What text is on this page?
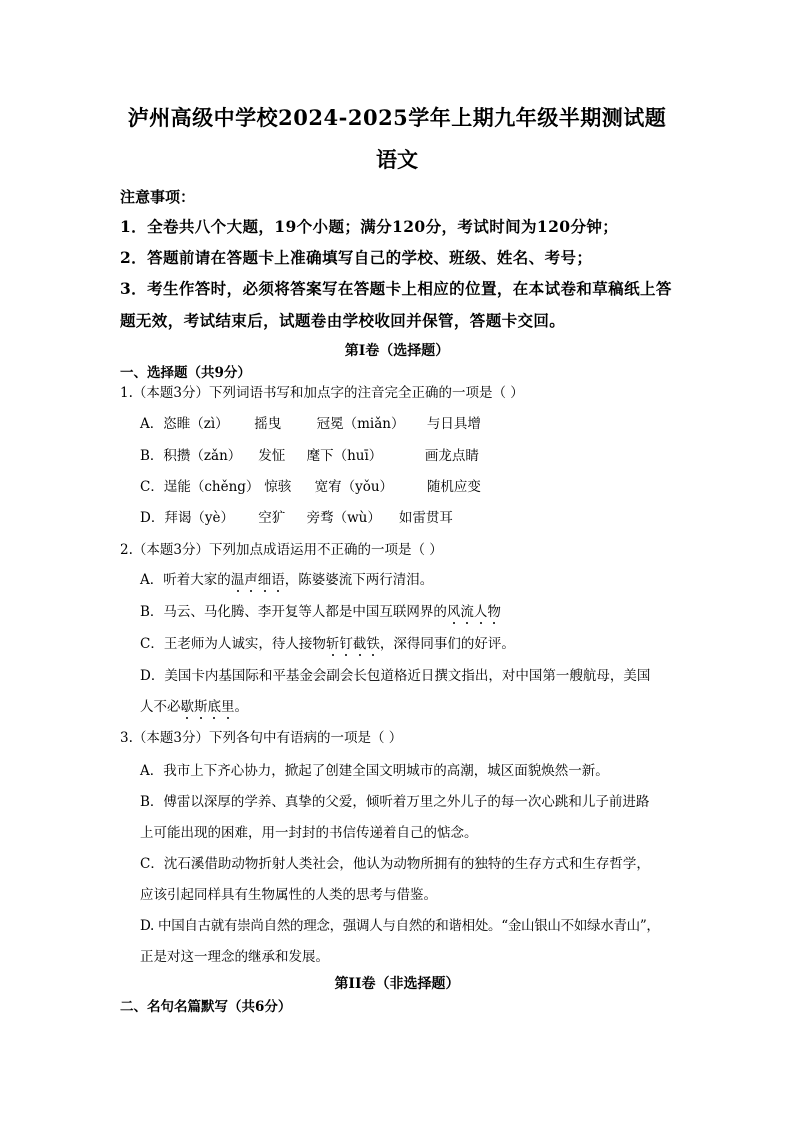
泸州高级中学校2024-2025学年上期九年级半期测试题
语文
注意事项：
1．全卷共八个大题，19个小题；满分120分，考试时间为120分钟；
2．答题前请在答题卡上准确填写自己的学校、班级、姓名、考号；
3．考生作答时，必须将答案写在答题卡上相应的位置，在本试卷和草稿纸上答
题无效，考试结束后，试题卷由学校收回并保管，答题卡交回。
第I卷（选择题）
一、选择题（共9分）
1.（本题3分）下列词语书写和加点字的注音完全正确的一项是（ ）
A．恣睢（zì） 摇曳	冠冕（miǎn） 与日具增
B．积攒（zǎn） 发怔 麾下（huī）	画龙点睛
C．逞能（chěng） 惊骇 宽宥（yǒu）	随机应变
D．拜谒（yè） 空犷 旁骛（wù） 如雷贯耳
2.（本题3分）下列加点成语运用不正确的一项是（ ）
A．听着大家的温声细语，陈婆婆流下两行清泪。
B．马云、马化腾、李开复等人都是中国互联网界的风流人物
C．王老师为人诚实，待人接物斩钉截铁，深得同事们的好评。
D．美国卡内基国际和平基金会副会长包道格近日撰文指出，对中国第一艘航母，美国
人不必歇斯底里。
3.（本题3分）下列各句中有语病的一项是（ ）
A．我市上下齐心协力，掀起了创建全国文明城市的高潮，城区面貌焕然一新。
B．傅雷以深厚的学养、真挚的父爱，倾听着万里之外儿子的每一次心跳和儿子前进路
上可能出现的困难，用一封封的书信传递着自己的惦念。
C．沈石溪借助动物折射人类社会，他认为动物所拥有的独特的生存方式和生存哲学，
应该引起同样具有生物属性的人类的思考与借鉴。
D. 中国自古就有崇尚自然的理念，强调人与自然的和谐相处。“金山银山不如绿水青山”，
正是对这一理念的继承和发展。
第II卷（非选择题）
二、名句名篇默写（共6分）
